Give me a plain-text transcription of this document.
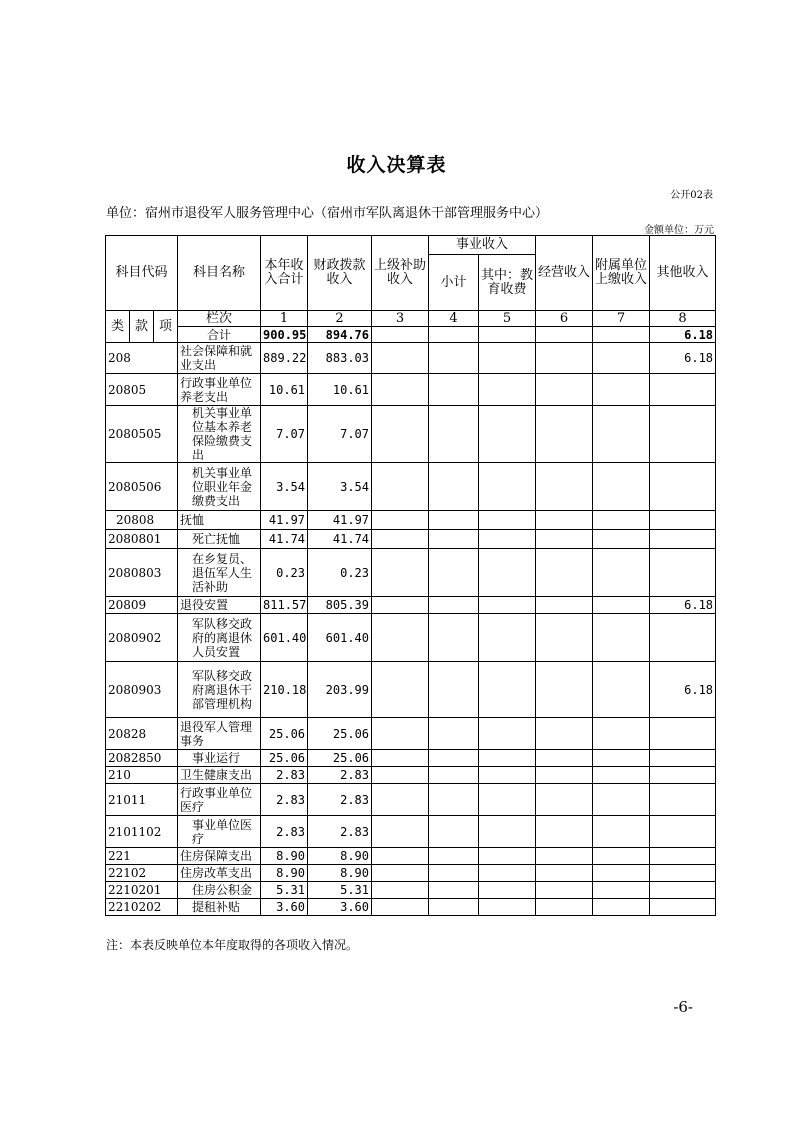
收入决算表
公开02表
单位：宿州市退役军人服务管理中心（宿州市军队离退休干部管理服务中心）
金额单位：万元
科目代码			科目名称	本年收入合计	财政拨款收入	上级补助收入	事业收入		经营收入	附属单位上缴收入	其他收入
							小计	其中：教育收费			
类	款	项	栏次	1	2	3	4	5	6	7	8
			合计	900.95	894.76						6.18
208			社会保障和就业支出	889.22	883.03						6.18
20805			行政事业单位养老支出	10.61	10.61						
2080505			机关事业单位基本养老保险缴费支出	7.07	7.07						
2080506			机关事业单位职业年金缴费支出	3.54	3.54						
20808			抚恤	41.97	41.97						
2080801			死亡抚恤	41.74	41.74						
2080803			在乡复员、退伍军人生活补助	0.23	0.23						
20809			退役安置	811.57	805.39						6.18
2080902			军队移交政府的离退休人员安置	601.40	601.40						
2080903			军队移交政府离退休干部管理机构	210.18	203.99						6.18
20828			退役军人管理事务	25.06	25.06						
2082850			事业运行	25.06	25.06						
210			卫生健康支出	2.83	2.83						
21011			行政事业单位医疗	2.83	2.83						
2101102			事业单位医疗	2.83	2.83						
221			住房保障支出	8.90	8.90						
22102			住房改革支出	8.90	8.90						
2210201			住房公积金	5.31	5.31						
2210202			提租补贴	3.60	3.60						
注：本表反映单位本年度取得的各项收入情况。
-6-
